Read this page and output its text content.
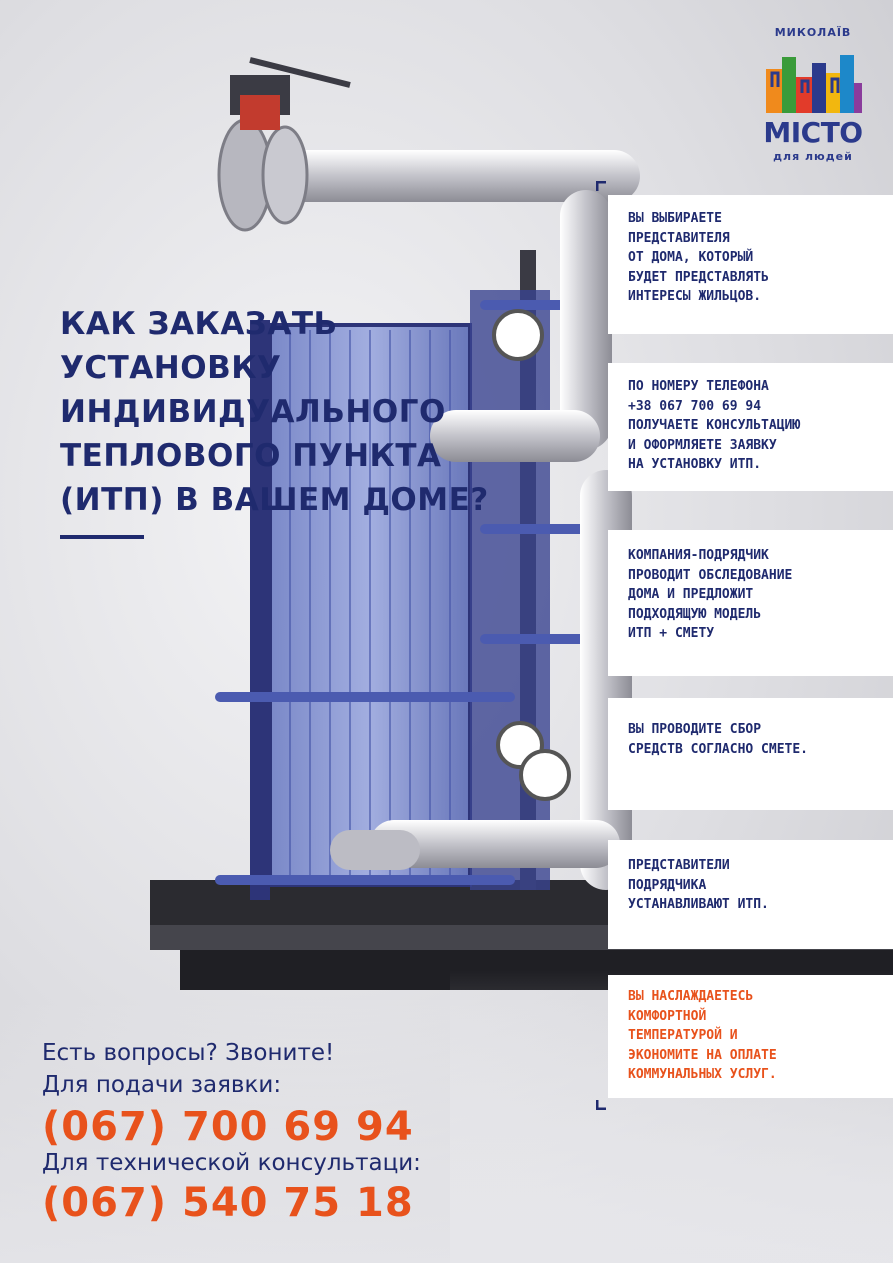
МИКОЛАЇВ
МІСТО
для людей
КАК ЗАКАЗАТЬ
УСТАНОВКУ
ИНДИВИДУАЛЬНОГО
ТЕПЛОВОГО ПУНКТА
(ИТП) В ВАШЕМ ДОМЕ?
ВЫ ВЫБИРАЕТЕ
ПРЕДСТАВИТЕЛЯ
ОТ ДОМА, КОТОРЫЙ
БУДЕТ ПРЕДСТАВЛЯТЬ
ИНТЕРЕСЫ ЖИЛЬЦОВ.
ПО НОМЕРУ ТЕЛЕФОНА
+38 067 700 69 94
ПОЛУЧАЕТЕ КОНСУЛЬТАЦИЮ
И ОФОРМЛЯЕТЕ ЗАЯВКУ
НА УСТАНОВКУ ИТП.
КОМПАНИЯ-ПОДРЯДЧИК
ПРОВОДИТ ОБСЛЕДОВАНИЕ
ДОМА И ПРЕДЛОЖИТ
ПОДХОДЯЩУЮ МОДЕЛЬ
ИТП + СМЕТУ
ВЫ ПРОВОДИТЕ СБОР
СРЕДСТВ СОГЛАСНО СМЕТЕ.
ПРЕДСТАВИТЕЛИ
ПОДРЯДЧИКА
УСТАНАВЛИВАЮТ ИТП.
ВЫ НАСЛАЖДАЕТЕСЬ
КОМФОРТНОЙ
ТЕМПЕРАТУРОЙ И
ЭКОНОМИТЕ НА ОПЛАТЕ
КОММУНАЛЬНЫХ УСЛУГ.
Есть вопросы? Звоните!
Для подачи заявки:
(067) 700 69 94
Для технической консультаци:
(067) 540 75 18
